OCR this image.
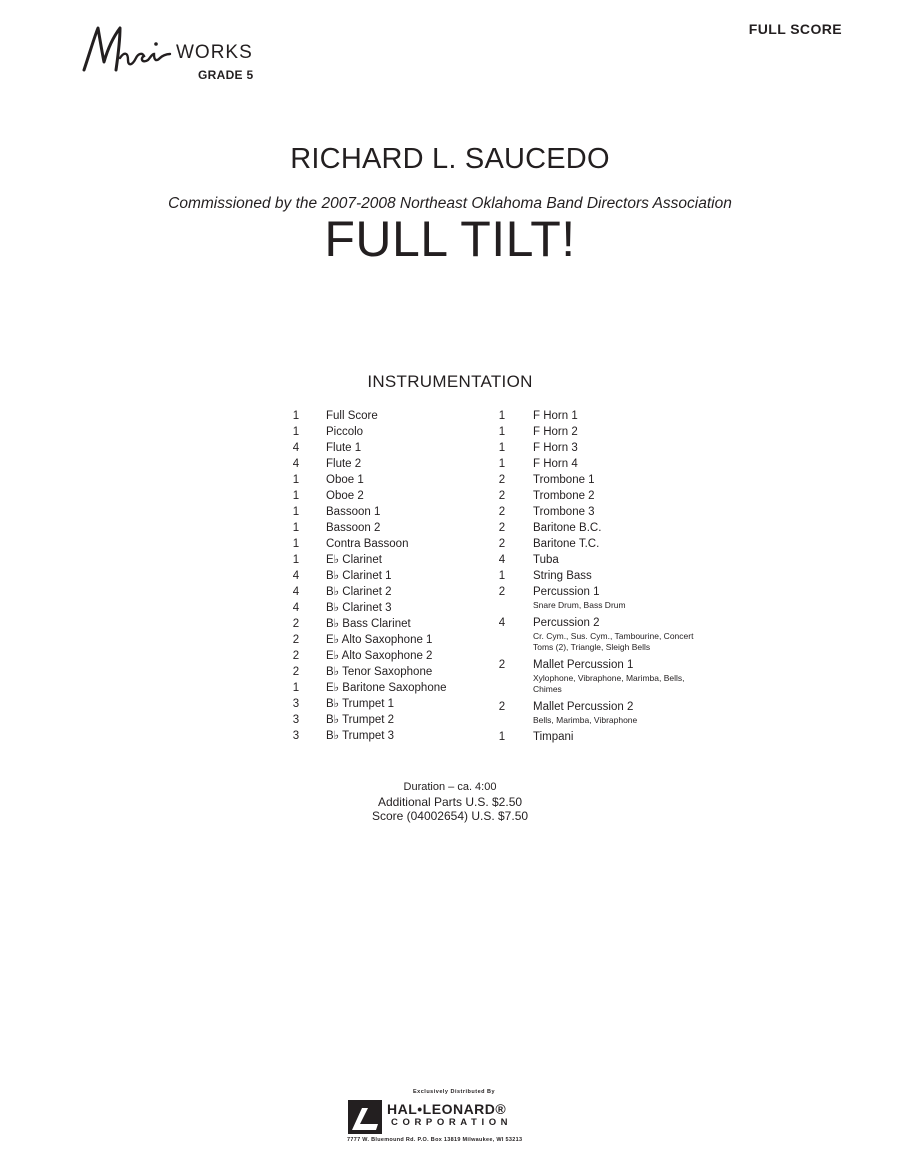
WORKS
GRADE 5
FULL SCORE
RICHARD L. SAUCEDO
Commissioned by the 2007-2008 Northeast Oklahoma Band Directors Association
FULL TILT!
INSTRUMENTATION
1	Full Score
1	Piccolo
4	Flute 1
4	Flute 2
1	Oboe 1
1	Oboe 2
1	Bassoon 1
1	Bassoon 2
1	Contra Bassoon
1	E♭ Clarinet
4	B♭ Clarinet 1
4	B♭ Clarinet 2
4	B♭ Clarinet 3
2	B♭ Bass Clarinet
2	E♭ Alto Saxophone 1
2	E♭ Alto Saxophone 2
2	B♭ Tenor Saxophone
1	E♭ Baritone Saxophone
3	B♭ Trumpet 1
3	B♭ Trumpet 2
3	B♭ Trumpet 3
1	F Horn 1
1	F Horn 2
1	F Horn 3
1	F Horn 4
2	Trombone 1
2	Trombone 2
2	Trombone 3
2	Baritone B.C.
2	Baritone T.C.
4	Tuba
1	String Bass
2	Percussion 1
Snare Drum, Bass Drum
4	Percussion 2
Cr. Cym., Sus. Cym., Tambourine, Concert Toms (2), Triangle, Sleigh Bells
2	Mallet Percussion 1
Xylophone, Vibraphone, Marimba, Bells, Chimes
2	Mallet Percussion 2
Bells, Marimba, Vibraphone
1	Timpani
Duration – ca. 4:00
Additional Parts U.S. $2.50
Score (04002654) U.S. $7.50
Exclusively Distributed By
HAL•LEONARD®
CORPORATION
7777 W. Bluemound Rd. P.O. Box 13819 Milwaukee, WI 53213
